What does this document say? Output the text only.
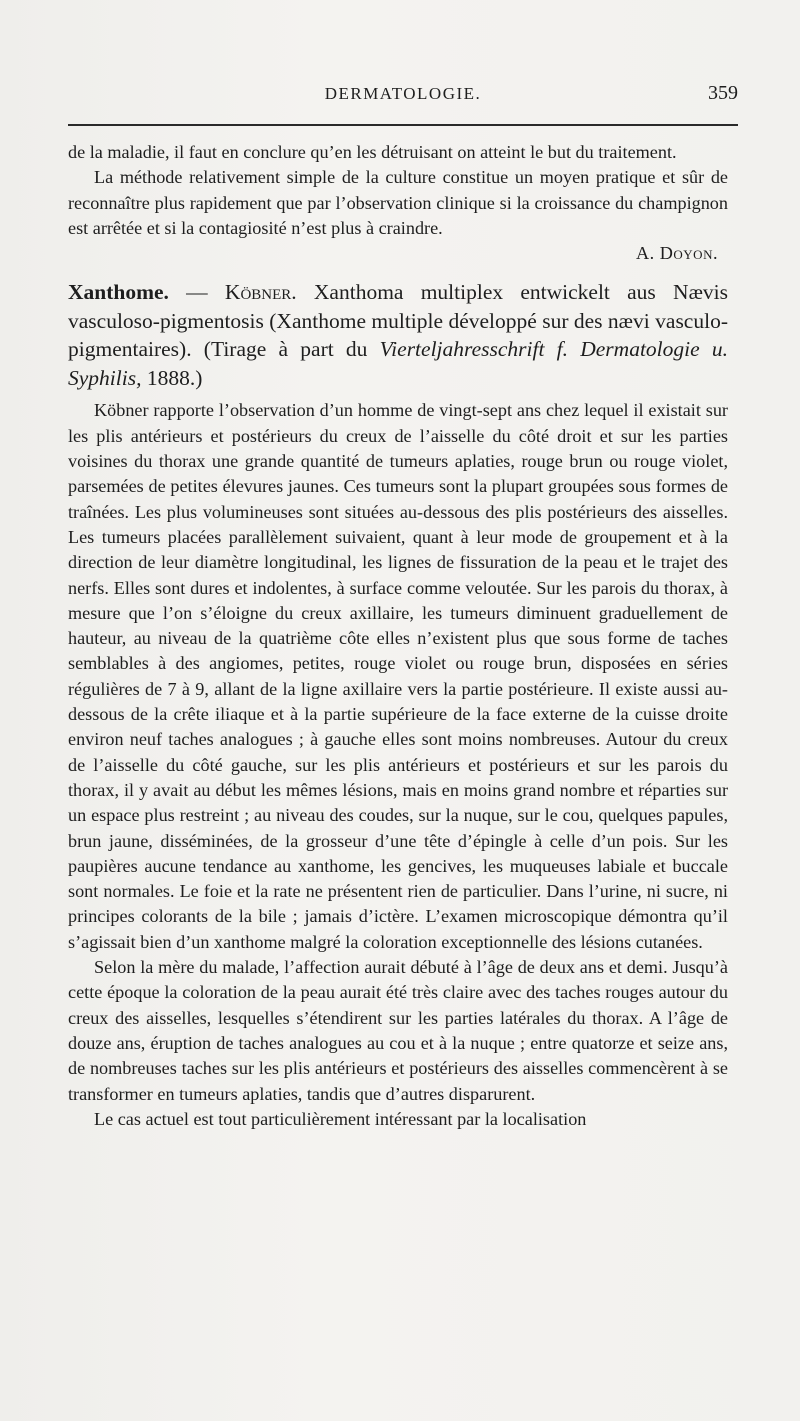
DERMATOLOGIE.	359

de la maladie, il faut en conclure qu’en les détruisant on atteint le but du traitement.

La méthode relativement simple de la culture constitue un moyen pratique et sûr de reconnaître plus rapidement que par l’observation clinique si la croissance du champignon est arrêtée et si la contagiosité n’est plus à craindre.

A. Doyon.
Xanthome. — Köbner. Xanthoma multiplex entwickelt aus Nævis vasculoso-pigmentosis (Xanthome multiple développé sur des nævi vasculo-pigmentaires). (Tirage à part du Vierteljahresschrift f. Dermatologie u. Syphilis, 1888.)

Köbner rapporte l’observation d’un homme de vingt-sept ans chez lequel il existait sur les plis antérieurs et postérieurs du creux de l’aisselle du côté droit et sur les parties voisines du thorax une grande quantité de tumeurs aplaties, rouge brun ou rouge violet, parsemées de petites élevures jaunes. Ces tumeurs sont la plupart groupées sous formes de traînées. Les plus volumineuses sont situées au-dessous des plis postérieurs des aisselles. Les tumeurs placées parallèlement suivaient, quant à leur mode de groupement et à la direction de leur diamètre longitudinal, les lignes de fissuration de la peau et le trajet des nerfs. Elles sont dures et indolentes, à surface comme veloutée. Sur les parois du thorax, à mesure que l’on s’éloigne du creux axillaire, les tumeurs diminuent graduellement de hauteur, au niveau de la quatrième côte elles n’existent plus que sous forme de taches semblables à des angiomes, petites, rouge violet ou rouge brun, disposées en séries régulières de 7 à 9, allant de la ligne axillaire vers la partie postérieure. Il existe aussi au-dessous de la crête iliaque et à la partie supérieure de la face externe de la cuisse droite environ neuf taches analogues ; à gauche elles sont moins nombreuses. Autour du creux de l’aisselle du côté gauche, sur les plis antérieurs et postérieurs et sur les parois du thorax, il y avait au début les mêmes lésions, mais en moins grand nombre et réparties sur un espace plus restreint ; au niveau des coudes, sur la nuque, sur le cou, quelques papules, brun jaune, disséminées, de la grosseur d’une tête d’épingle à celle d’un pois. Sur les paupières aucune tendance au xanthome, les gencives, les muqueuses labiale et buccale sont normales. Le foie et la rate ne présentent rien de particulier. Dans l’urine, ni sucre, ni principes colorants de la bile ; jamais d’ictère. L’examen microscopique démontra qu’il s’agissait bien d’un xanthome malgré la coloration exceptionnelle des lésions cutanées.

Selon la mère du malade, l’affection aurait débuté à l’âge de deux ans et demi. Jusqu’à cette époque la coloration de la peau aurait été très claire avec des taches rouges autour du creux des aisselles, lesquelles s’étendirent sur les parties latérales du thorax. A l’âge de douze ans, éruption de taches analogues au cou et à la nuque ; entre quatorze et seize ans, de nombreuses taches sur les plis antérieurs et postérieurs des aisselles commencèrent à se transformer en tumeurs aplaties, tandis que d’autres disparurent.

Le cas actuel est tout particulièrement intéressant par la localisation
